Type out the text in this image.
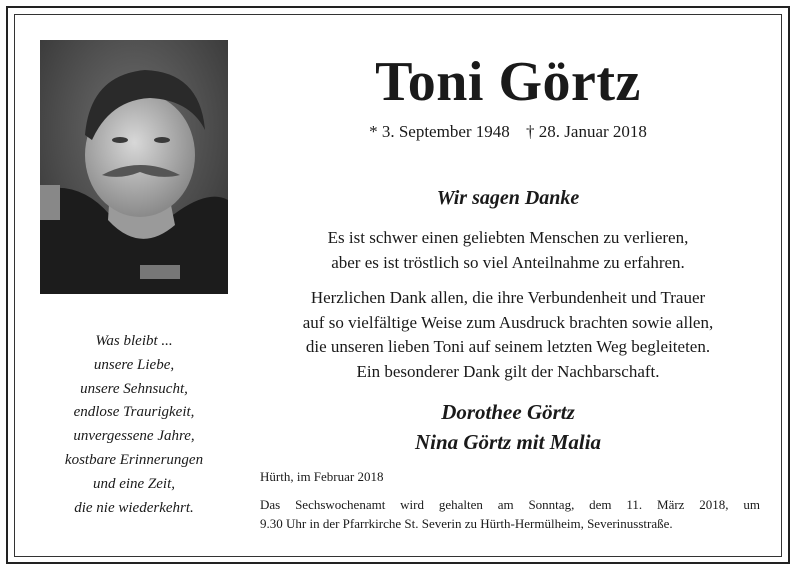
Was bleibt ...
unsere Liebe,
unsere Sehnsucht,
endlose Traurigkeit,
unvergessene Jahre,
kostbare Erinnerungen
und eine Zeit,
die nie wiederkehrt.
Toni Görtz
* 3. September 1948 † 28. Januar 2018
Wir sagen Danke
Es ist schwer einen geliebten Menschen zu verlieren,
aber es ist tröstlich so viel Anteilnahme zu erfahren.
Herzlichen Dank allen, die ihre Verbundenheit und Trauer
auf so vielfältige Weise zum Ausdruck brachten sowie allen,
die unseren lieben Toni auf seinem letzten Weg begleiteten.
Ein besonderer Dank gilt der Nachbarschaft.
Dorothee Görtz
Nina Görtz mit Malia
Hürth, im Februar 2018
Das Sechswochenamt wird gehalten am Sonntag, dem 11. März 2018, um
9.30 Uhr in der Pfarrkirche St. Severin zu Hürth-Hermülheim, Severinusstraße.
